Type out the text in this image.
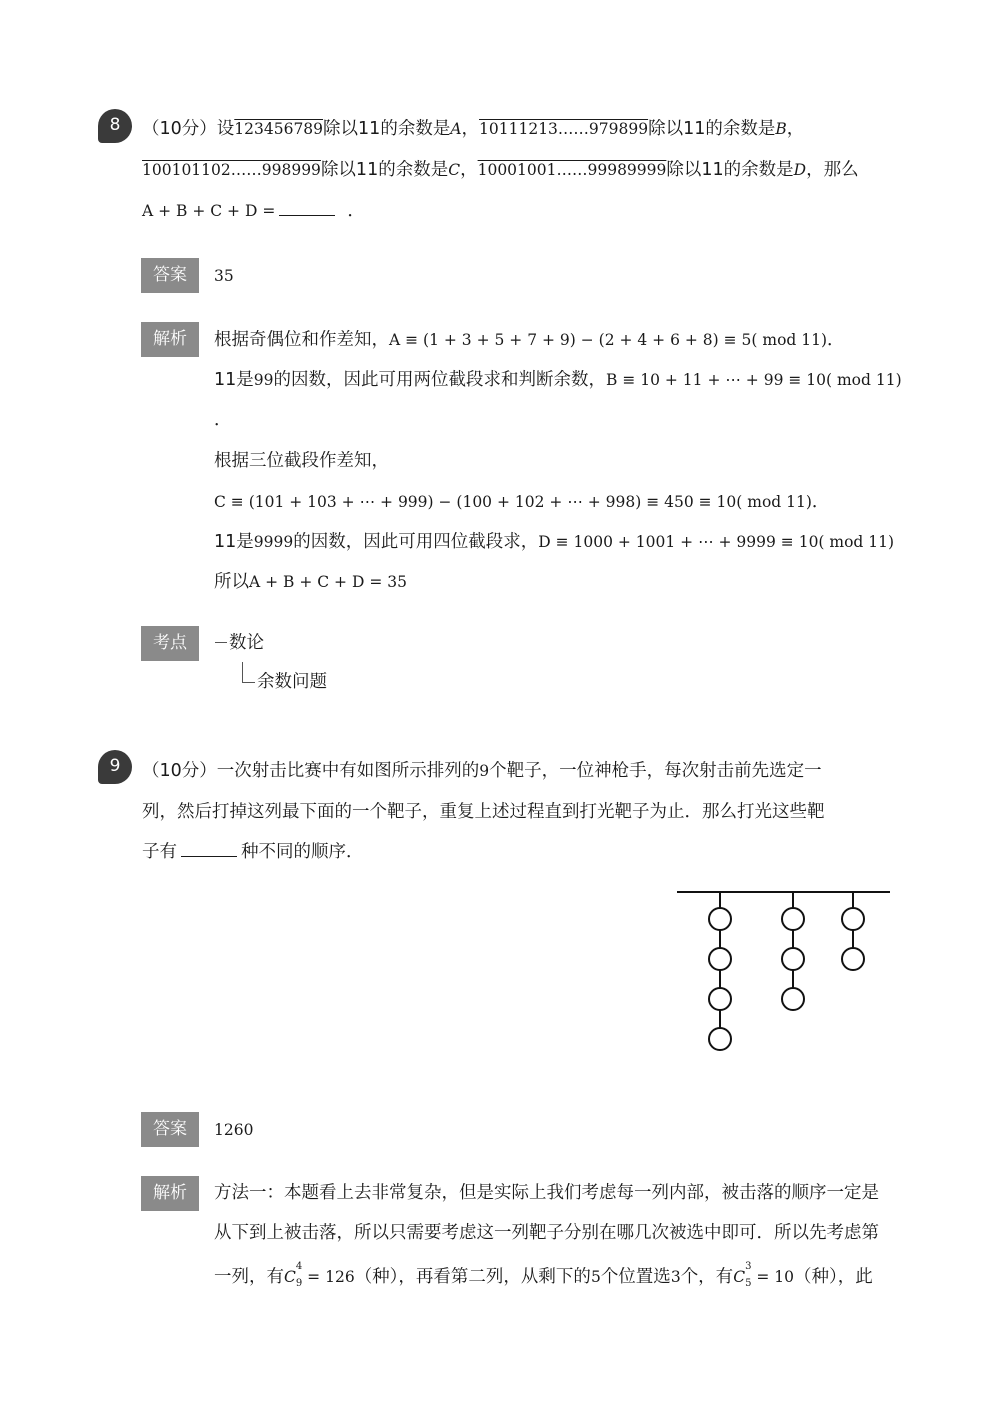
8	（10分）设123456789除以11的余数是A，10111213……979899除以11的余数是B，
100101102……998999除以11的余数是C，10001001……99989999除以11的余数是D，那么
A + B + C + D =	．
答案	35
解析	根据奇偶位和作差知，A ≡ (1 + 3 + 5 + 7 + 9) − (2 + 4 + 6 + 8) ≡ 5( mod 11)．
11是99的因数，因此可用两位截段求和判断余数，B ≡ 10 + 11 + ⋯ + 99 ≡ 10( mod 11)
．
根据三位截段作差知，
C ≡ (101 + 103 + ⋯ + 999) − (100 + 102 + ⋯ + 998) ≡ 450 ≡ 10( mod 11)．
11是9999的因数，因此可用四位截段求，D ≡ 1000 + 1001 + ⋯ + 9999 ≡ 10( mod 11)
所以A + B + C + D = 35
考点	数论
余数问题
9	（10分）一次射击比赛中有如图所示排列的9个靶子，一位神枪手，每次射击前先选定一
列，然后打掉这列最下面的一个靶子，重复上述过程直到打光靶子为止．那么打光这些靶
子有	种不同的顺序．
答案	1260
解析	方法一：本题看上去非常复杂，但是实际上我们考虑每一列内部，被击落的顺序一定是
从下到上被击落，所以只需要考虑这一列靶子分别在哪几次被选中即可．所以先考虑第
一列，有$C^4$
9 = 126（种），再看第二列，从剩下的5个位置选3个，有$C^3$
5 = 10（种），此
